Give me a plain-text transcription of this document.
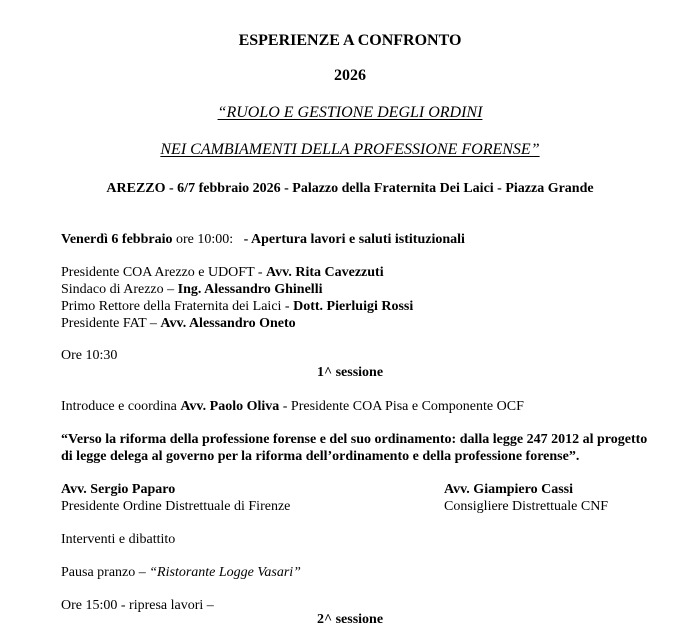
ESPERIENZE A CONFRONTO
2026
“RUOLO E GESTIONE DEGLI ORDINI
NEI CAMBIAMENTI DELLA PROFESSIONE FORENSE”
AREZZO - 6/7 febbraio 2026 - Palazzo della Fraternita Dei Laici - Piazza Grande
Venerdì 6 febbraio ore 10:00: - Apertura lavori e saluti istituzionali
Presidente COA Arezzo e UDOFT - Avv. Rita Cavezzuti
Sindaco di Arezzo – Ing. Alessandro Ghinelli
Primo Rettore della Fraternita dei Laici - Dott. Pierluigi Rossi
Presidente FAT – Avv. Alessandro Oneto
Ore 10:30
1^ sessione
Introduce e coordina Avv. Paolo Oliva - Presidente COA Pisa e Componente OCF
“Verso la riforma della professione forense e del suo ordinamento: dalla legge 247 2012 al progetto
di legge delega al governo per la riforma dell’ordinamento e della professione forense”.
Avv. Sergio Paparo
Presidente Ordine Distrettuale di Firenze
Avv. Giampiero Cassi
Consigliere Distrettuale CNF
Interventi e dibattito
Pausa pranzo – “Ristorante Logge Vasari”
Ore 15:00 - ripresa lavori –
2^ sessione
